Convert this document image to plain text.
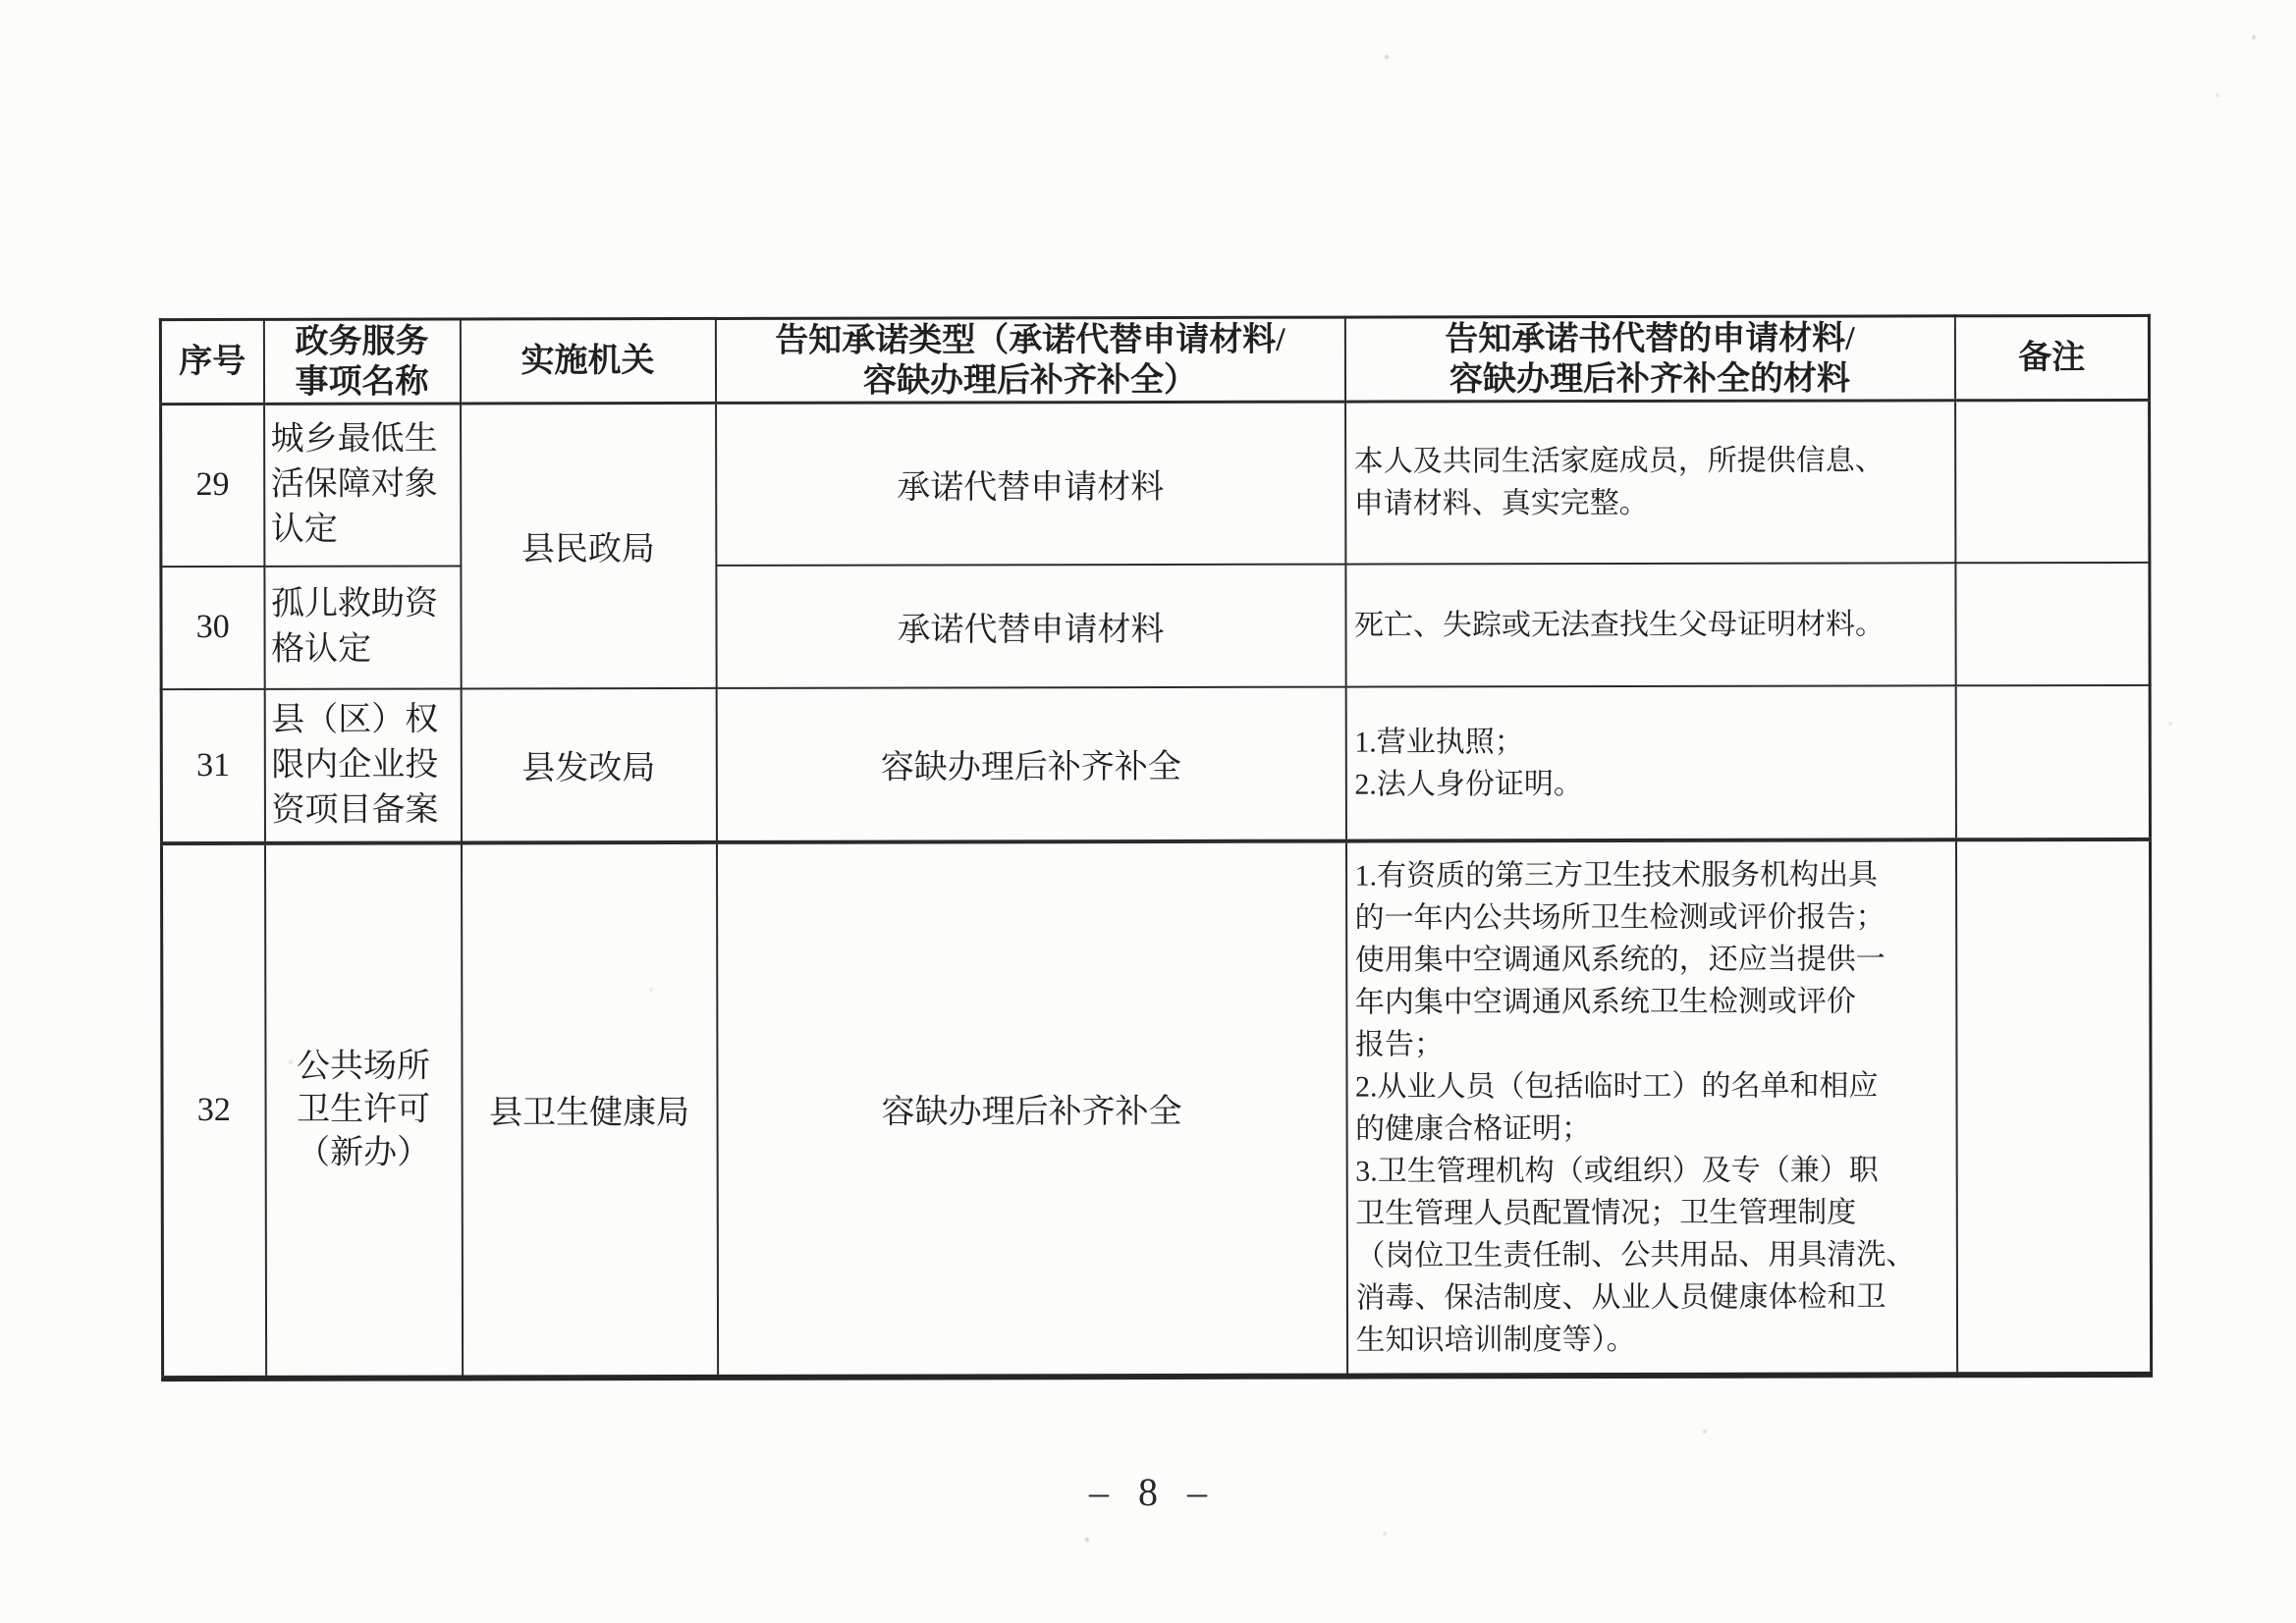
序号	政务服务
事项名称	实施机关	告知承诺类型（承诺代替申请材料/
容缺办理后补齐补全）	告知承诺书代替的申请材料/
容缺办理后补齐补全的材料	备注
29	城乡最低生活保障对象认定	县民政局	承诺代替申请材料	本人及共同生活家庭成员，所提供信息、
申请材料、真实完整。	
30	孤儿救助资格认定		承诺代替申请材料	死亡、失踪或无法查找生父母证明材料。	
31	县（区）权限内企业投资项目备案	县发改局	容缺办理后补齐补全	1.营业执照；
2.法人身份证明。	
32	公共场所
卫生许可
（新办）	县卫生健康局	容缺办理后补齐补全	1.有资质的第三方卫生技术服务机构出具
的一年内公共场所卫生检测或评价报告；
使用集中空调通风系统的，还应当提供一
年内集中空调通风系统卫生检测或评价
报告；
2.从业人员（包括临时工）的名单和相应
的健康合格证明；
3.卫生管理机构（或组织）及专（兼）职
卫生管理人员配置情况；卫生管理制度
（岗位卫生责任制、公共用品、用具清洗、
消毒、保洁制度、从业人员健康体检和卫
生知识培训制度等）。	
– 8 –
